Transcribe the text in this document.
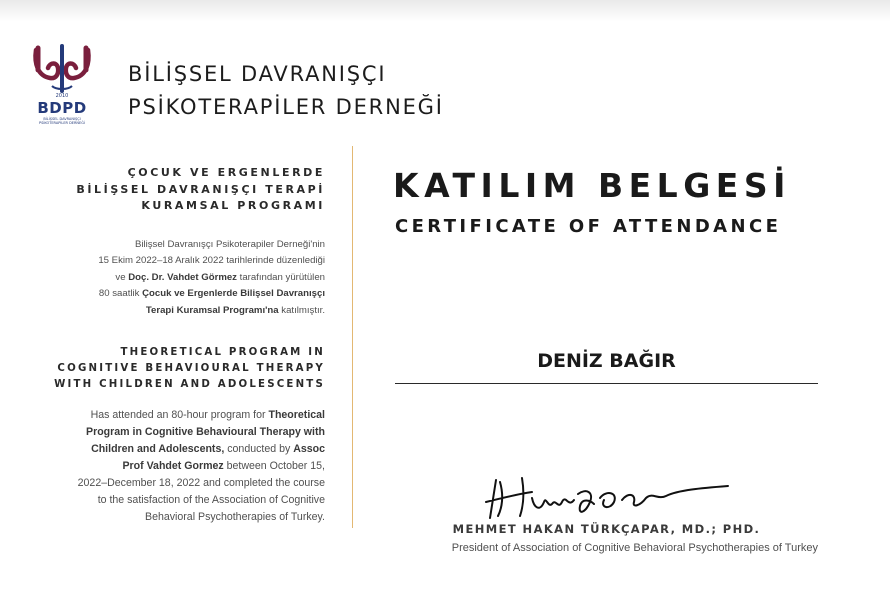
2010
BDPD
BİLİŞSEL DAVRANIŞÇI PSİKOTERAPİLER DERNEĞİ
BİLİŞSEL DAVRANIŞÇI
PSİKOTERAPİLER DERNEĞİ
ÇOCUK VE ERGENLERDE
BİLİŞSEL DAVRANIŞÇI TERAPİ
KURAMSAL PROGRAMI
Bilişsel Davranışçı Psikoterapiler Derneği'nin
15 Ekim 2022–18 Aralık 2022 tarihlerinde düzenlediği
ve Doç. Dr. Vahdet Görmez tarafından yürütülen
80 saatlik Çocuk ve Ergenlerde Bilişsel Davranışçı
Terapi Kuramsal Programı'na katılmıştır.
THEORETICAL PROGRAM IN
COGNITIVE BEHAVIOURAL THERAPY
WITH CHILDREN AND ADOLESCENTS
Has attended an 80-hour program for Theoretical
Program in Cognitive Behavioural Therapy with
Children and Adolescents, conducted by Assoc
Prof Vahdet Gormez between October 15,
2022–December 18, 2022 and completed the course
to the satisfaction of the Association of Cognitive
Behavioral Psychotherapies of Turkey.
KATILIM BELGESİ
CERTIFICATE OF ATTENDANCE
DENİZ BAĞIR
MEHMET HAKAN TÜRKÇAPAR, MD.; PHD.
President of Association of Cognitive Behavioral Psychotherapies of Turkey
